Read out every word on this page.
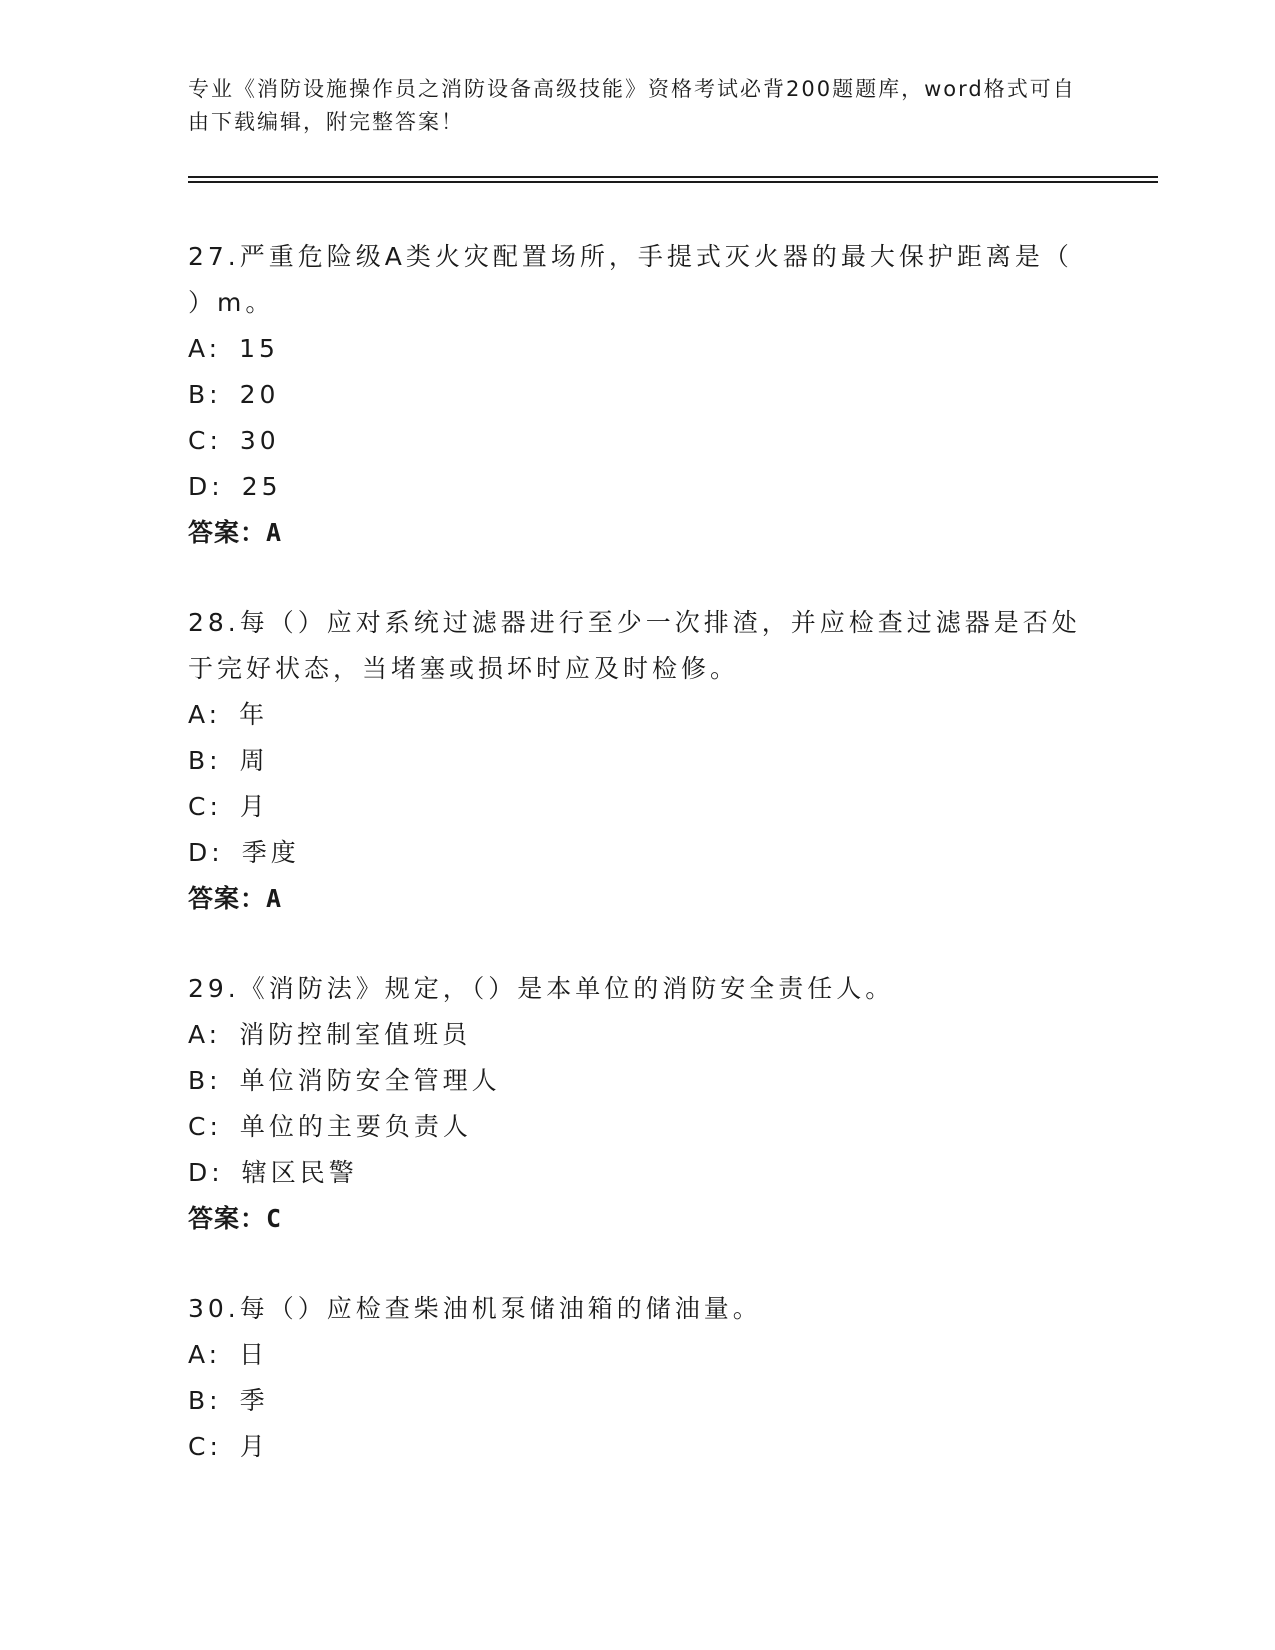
专业《消防设施操作员之消防设备高级技能》资格考试必背200题题库，word格式可自由下载编辑，附完整答案！

27.严重危险级A类火灾配置场所，手提式灭火器的最大保护距离是（ ）m。

A: 15

B: 20

C: 30

D: 25

答案：A

28.每（）应对系统过滤器进行至少一次排渣，并应检查过滤器是否处于完好状态，当堵塞或损坏时应及时检修。

A: 年

B: 周

C: 月

D: 季度

答案：A

29.《消防法》规定，（）是本单位的消防安全责任人。

A: 消防控制室值班员

B: 单位消防安全管理人

C: 单位的主要负责人

D: 辖区民警

答案：C

30.每（）应检查柴油机泵储油箱的储油量。

A: 日

B: 季

C: 月
